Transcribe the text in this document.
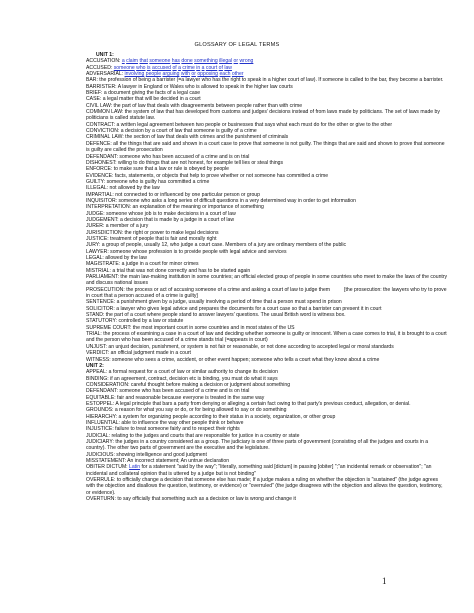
GLOSSARY OF LEGAL TERMS
UNIT 1:
ACCUSATION: a claim that someone has done something illegal or wrong
ACCUSED: someone who is accused of a crime in a court of law
ADVERSARIAL: involving people arguing with or opposing each other
BAR: the profession of being a barrister (=a lawyer who has the right to speak in a higher court of law). If someone is called to the bar, they become a barrister.
BARRISTER: A lawyer in England or Wales who is allowed to speak in the higher law courts
BRIEF: a document giving the facts of a legal case
CASE: a legal matter that will be decided in a court
CIVIL LAW: the part of law that deals with disagreements between people rather than with crime
COMMON LAW: the system of law that has developed from customs and judges' decisions instead of from laws made by politicians. The set of laws made by politicians is called statute law.
CONTRACT: a written legal agreement between two people or businesses that says what each must do for the other or give to the other
CONVICTION: a decision by a court of law that someone is guilty of a crime
CRIMINAL LAW: the section of law that deals with crimes and the punishment of criminals
DEFENCE: all the things that are said and shown in a court case to prove that someone is not guilty. The things that are said and shown to prove that someone is guilty are called the prosecution
DEFENDANT: someone who has been accused of a crime and is on trial
DISHONEST: willing to do things that are not honest, for example tell lies or steal things
ENFORCE: to make sure that a law or rule is obeyed by people
EVIDENCE: facts, statements, or objects that help to prove whether or not someone has committed a crime
GUILTY: someone who is guilty has committed a crime
ILLEGAL: not allowed by the law
IMPARTIAL: not connected to or influenced by one particular person or group
INQUISITOR: someone who asks a long series of difficult questions in a very determined way in order to get information
INTERPRETATION: an explanation of the meaning or importance of something
JUDGE: someone whose job is to make decisions in a court of law
JUDGEMENT: a decision that is made by a judge in a court of law
JURER: a member of a jury
JURISDICTION: the right or power to make legal decisions
JUSTICE: treatment of people that is fair and morally right
JURY: a group of people, usually 12, who judge a court case. Members of a jury are ordinary members of the public
LAWYER: someone whose profession is to provide people with legal advice and services
LEGAL: allowed by the law
MAGISTRATE: a judge in a court for minor crimes
MISTRIAL: a trial that was not done correctly and has to be started again
PARLIAMENT: the main law-making institution in some countries; an official elected group of people in some countries who meet to make the laws of the country and discuss national issues
PROSECUTION: the process or act of accusing someone of a crime and asking a court of law to judge them	[the prosecution: the lawyers who try to prove in court that a person accused of a crime is guilty]
SENTENCE: a punishment given by a judge, usually involving a period of time that a person must spend in prison
SOLICITOR: a lawyer who gives legal advice and prepares the documents for a court case so that a barrister can present it in court
STAND: the part of a court where people stand to answer lawyers' questions. The usual British word is witness box.
STATUTORY: controlled by a law or statute
SUPREME COURT: the most important court in some countries and in most states of the US
TRIAL: the process of examining a case in a court of law and deciding whether someone is guilty or innocent. When a case comes to trial, it is brought to a court and the person who has been accused of a crime stands trial (=appears in court)
UNJUST: an unjust decision, punishment, or system is not fair or reasonable, or not done according to accepted legal or moral standards
VERDICT: an official judgment made in a court
WITNESS: someone who sees a crime, accident, or other event happen; someone who tells a court what they know about a crime
UNIT 2:
APPEAL: a formal request for a court of law or similar authority to change its decision
BINDING: if an agreement, contract, decision etc is binding, you must do what it says
CONSIDERATION: careful thought before making a decision or judgment about something
DEFENDANT: someone who has been accused of a crime and is on trial
EQUITABLE: fair and reasonable because everyone is treated in the same way
ESTOPPEL: A legal principle that bars a party from denying or alleging a certain fact owing to that party's previous conduct, allegation, or denial.
GROUNDS: a reason for what you say or do, or for being allowed to say or do something
HIERARCHY: a system for organizing people according to their status in a society, organization, or other group
INFLUENTIAL: able to influence the way other people think or behave
INJUSTICE: failure to treat someone fairly and to respect their rights
JUDICIAL: relating to the judges and courts that are responsible for justice in a country or state
JUDICIARY: the judges in a country considered as a group. The judiciary is one of three parts of government (consisting of all the judges and courts in a country). The other two parts of government are the executive and the legislature.
JUDICIOUS: showing intelligence and good judgment
MISSTATEMENT: An incorrect statement; An untrue declaration
OBITER DICTUM: Latin for a statement "said by the way"; "literally, something said [dictum] in passing [obiter] ";"an incidental remark or observation"; "an incidental and collateral opinion that is uttered by a judge but is not binding"
OVERRULE: to officially change a decision that someone else has made; If a judge makes a ruling on whether the objection is "sustained" (the judge agrees with the objection and disallows the question, testimony, or evidence) or "overruled" (the judge disagrees with the objection and allows the question, testimony, or evidence).
OVERTURN: to say officially that something such as a decision or law is wrong and change it
1
